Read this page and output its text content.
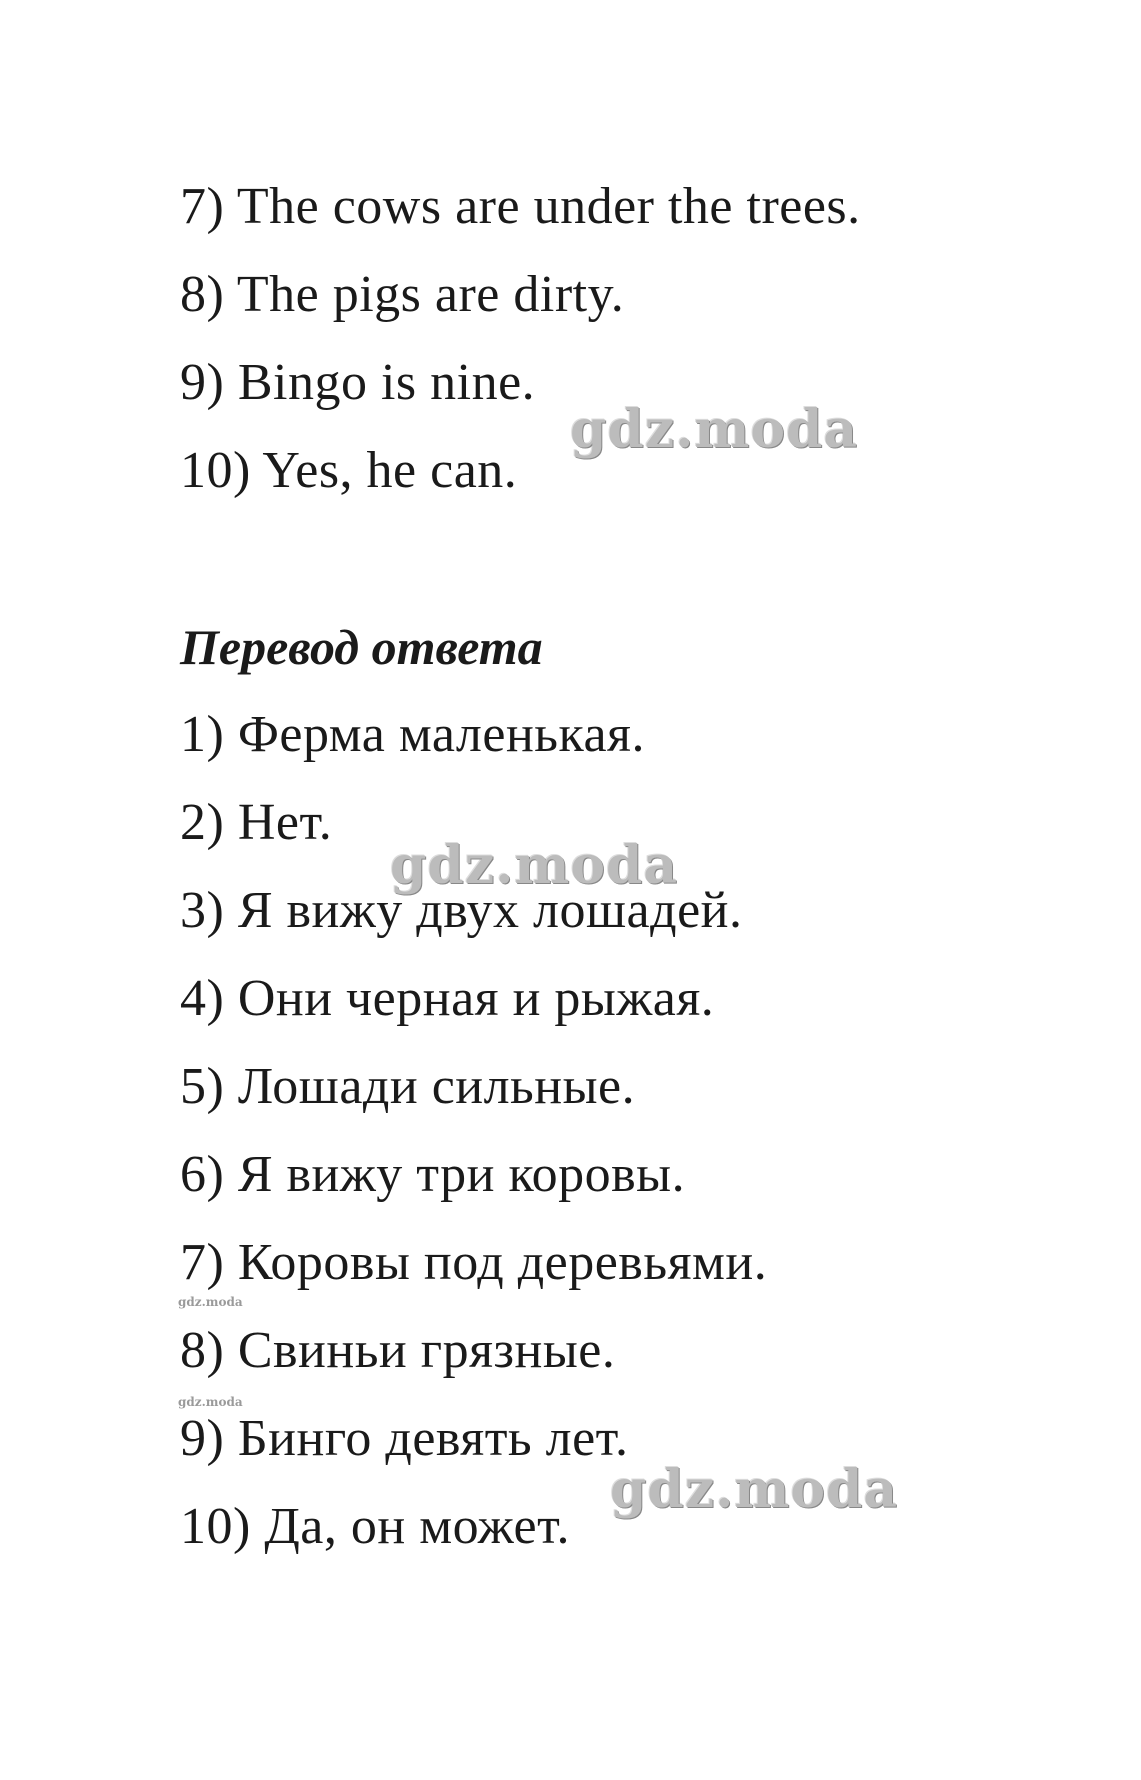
7) The cows are under the trees.
8) The pigs are dirty.
9) Bingo is nine.
10) Yes, he can.
gdz.moda
Перевод ответа
1) Ферма маленькая.
2) Нет.
3) Я вижу двух лошадей.
4) Они черная и рыжая.
5) Лошади сильные.
6) Я вижу три коровы.
7) Коровы под деревьями.
8) Свиньи грязные.
9) Бинго девять лет.
10) Да, он может.
gdz.moda
gdz.moda
gdz.moda
gdz.moda
